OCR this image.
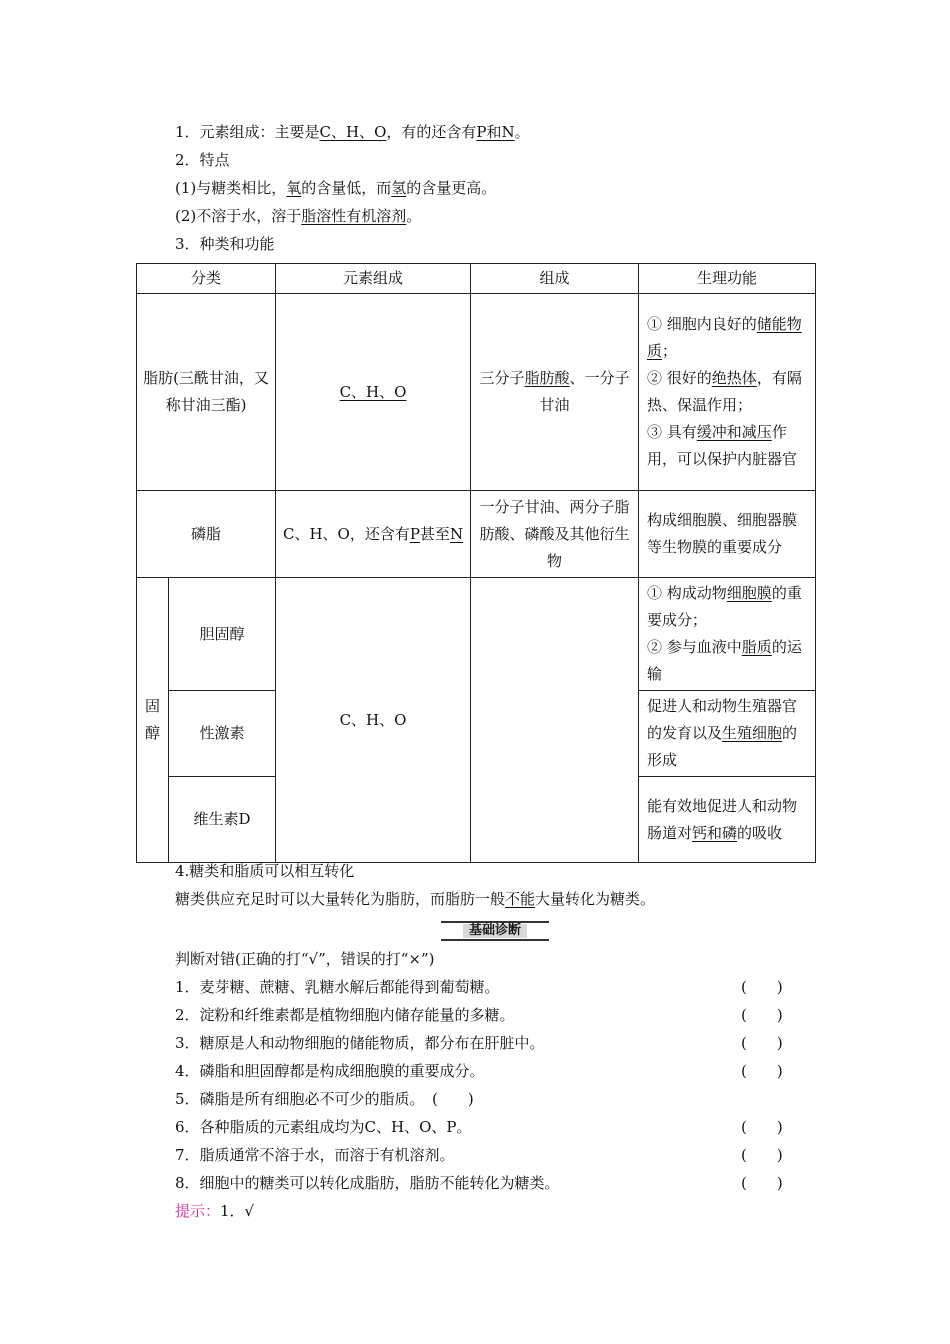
1．元素组成：主要是C、H、O，有的还含有P和N。
2．特点
(1)与糖类相比，氧的含量低，而氢的含量更高。
(2)不溶于水，溶于脂溶性有机溶剂。
3．种类和功能
分类		元素组成	组成	生理功能
脂肪(三酰甘油，又称甘油三酯)		C、H、O	三分子脂肪酸、一分子甘油	① 细胞内良好的储能物质；
② 很好的绝热体，有隔热、保温作用；
③ 具有缓冲和减压作用，可以保护内脏器官

磷脂		C、H、O，还含有P甚至N	一分子甘油、两分子脂肪酸、磷酸及其他衍生物	构成细胞膜、细胞器膜等生物膜的重要成分
固醇	胆固醇	C、H、O		① 构成动物细胞膜的重要成分；
② 参与血液中脂质的运输

	性激素			促进人和动物生殖器官的发育以及生殖细胞的形成
	维生素D			能有效地促进人和动物肠道对钙和磷的吸收
4.糖类和脂质可以相互转化
糖类供应充足时可以大量转化为脂肪，而脂肪一般不能大量转化为糖类。
基础诊断
判断对错(正确的打“√”，错误的打“×”)
1．麦芽糖、蔗糖、乳糖水解后都能得到葡萄糖。	(　　)
2．淀粉和纤维素都是植物细胞内储存能量的多糖。	(　　)
3．糖原是人和动物细胞的储能物质，都分布在肝脏中。	(　　)
4．磷脂和胆固醇都是构成细胞膜的重要成分。	(　　)
5．磷脂是所有细胞必不可少的脂质。　(　　)
6．各种脂质的元素组成均为C、H、O、P。	(　　)
7．脂质通常不溶于水，而溶于有机溶剂。	(　　)
8．细胞中的糖类可以转化成脂肪，脂肪不能转化为糖类。	(　　)
提示：1．√
